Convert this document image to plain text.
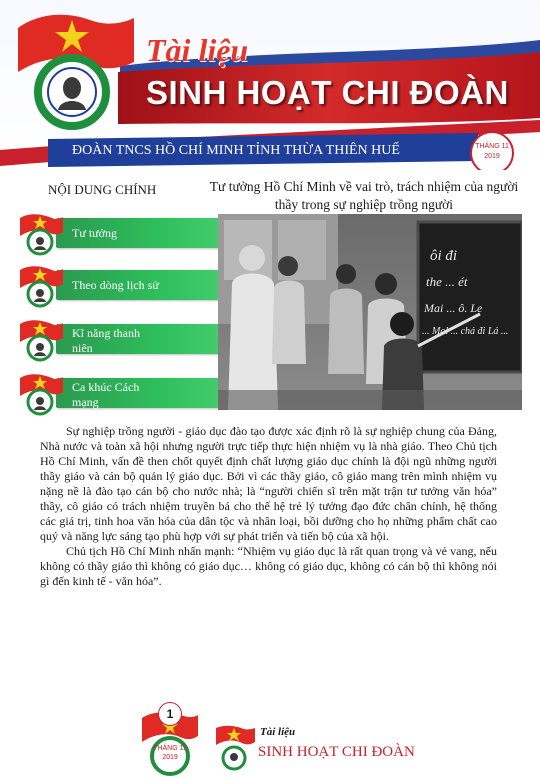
Tài liệu
SINH HOẠT CHI ĐOÀN
ĐOÀN TNCS HỒ CHÍ MINH TỈNH THỪA THIÊN HUẾ	THÁNG 11
2019
NỘI DUNG CHÍNH
Tư tưởng
Theo dòng lịch sử
Kĩ năng thanh niên
Ca khúc Cách mạng
Tư tưởng Hồ Chí Minh về vai trò, trách nhiệm của người thầy trong sự nghiệp trồng người
ôi đi
the ... ét
Mai ... ô. Le
... Mol ... chá đi Lá ...

Sự nghiệp trồng người - giáo dục đào tạo được xác định rõ là sự nghiệp chung của Đảng, Nhà nước và toàn xã hội nhưng người trực tiếp thực hiện nhiệm vụ là nhà giáo. Theo Chủ tịch Hồ Chí Minh, vấn đề then chốt quyết định chất lượng giáo dục chính là đội ngũ những người thầy giáo và cán bộ quản lý giáo dục. Bởi vì các thầy giáo, cô giáo mang trên mình nhiệm vụ nặng nề là đào tạo cán bộ cho nước nhà; là “người chiến sĩ trên mặt trận tư tưởng văn hóa” thầy, cô giáo có trách nhiệm truyền bá cho thế hệ trẻ lý tưởng đạo đức chân chính, hệ thống các giá trị, tinh hoa văn hóa của dân tộc và nhân loại, bồi dưỡng cho họ những phẩm chất cao quý và năng lực sáng tạo phù hợp với sự phát triển và tiến bộ của xã hội.

Chủ tịch Hồ Chí Minh nhấn mạnh: “Nhiệm vụ giáo dục là rất quan trọng và vẻ vang, nếu không có thầy giáo thì không có giáo dục… không có giáo dục, không có cán bộ thì không nói gì đến kinh tế - văn hóa”.

1
THÁNG 11
2019
Tài liệu
SINH HOẠT CHI ĐOÀN
